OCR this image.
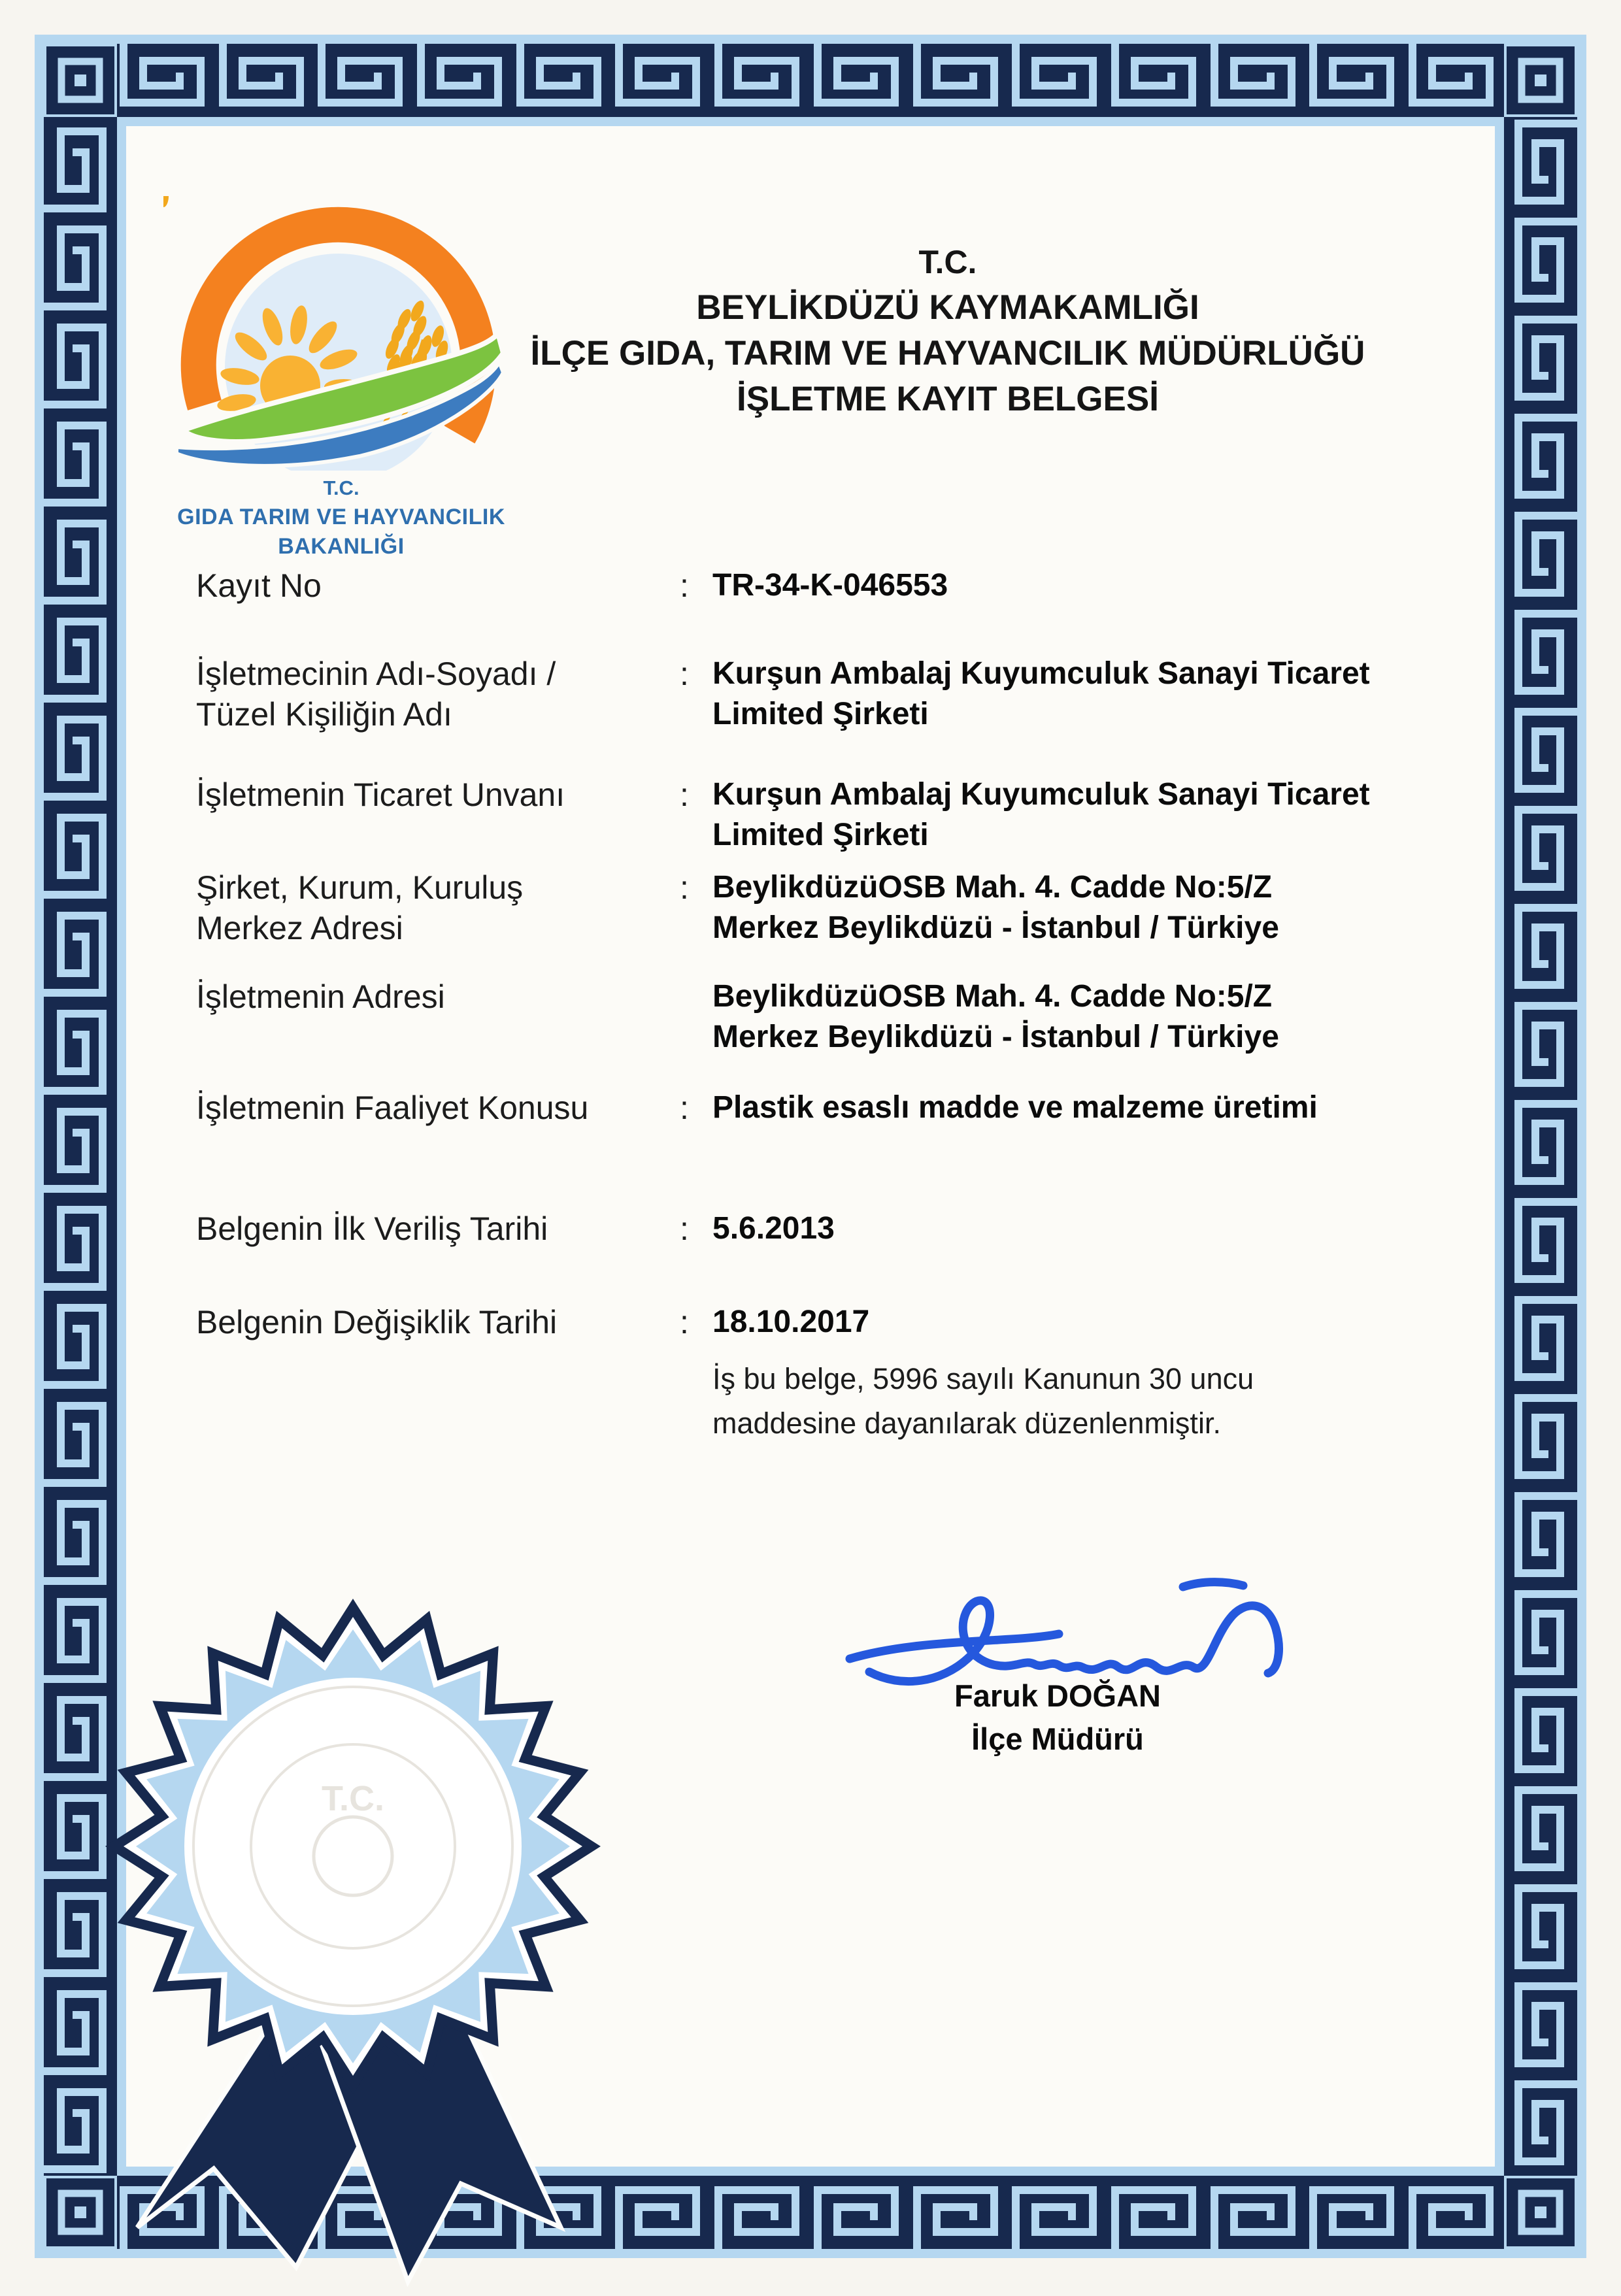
T.C.
GIDA TARIM VE HAYVANCILIK
BAKANLIĞI
T.C.
BEYLİKDÜZÜ KAYMAKAMLIĞI
İLÇE GIDA, TARIM VE HAYVANCILIK MÜDÜRLÜĞÜ
İŞLETME KAYIT BELGESİ
Kayıt No	: TR-34-K-046553
İşletmecinin Adı-Soyadı /
Tüzel Kişiliğin Adı
: Kurşun Ambalaj Kuyumculuk Sanayi Ticaret
Limited Şirketi
İşletmenin Ticaret Unvanı	: Kurşun Ambalaj Kuyumculuk Sanayi Ticaret
Limited Şirketi
Şirket, Kurum, Kuruluş
Merkez Adresi
: BeylikdüzüOSB Mah. 4. Cadde No:5/Z
Merkez Beylikdüzü - İstanbul / Türkiye
İşletmenin Adresi	BeylikdüzüOSB Mah. 4. Cadde No:5/Z
Merkez Beylikdüzü - İstanbul / Türkiye
İşletmenin Faaliyet Konusu	: Plastik esaslı madde ve malzeme üretimi
Belgenin İlk Veriliş Tarihi	: 5.6.2013
Belgenin Değişiklik Tarihi	: 18.10.2017
İş bu belge, 5996 sayılı Kanunun 30 uncu
maddesine dayanılarak düzenlenmiştir.
Faruk DOĞAN
İlçe Müdürü
T.C.
